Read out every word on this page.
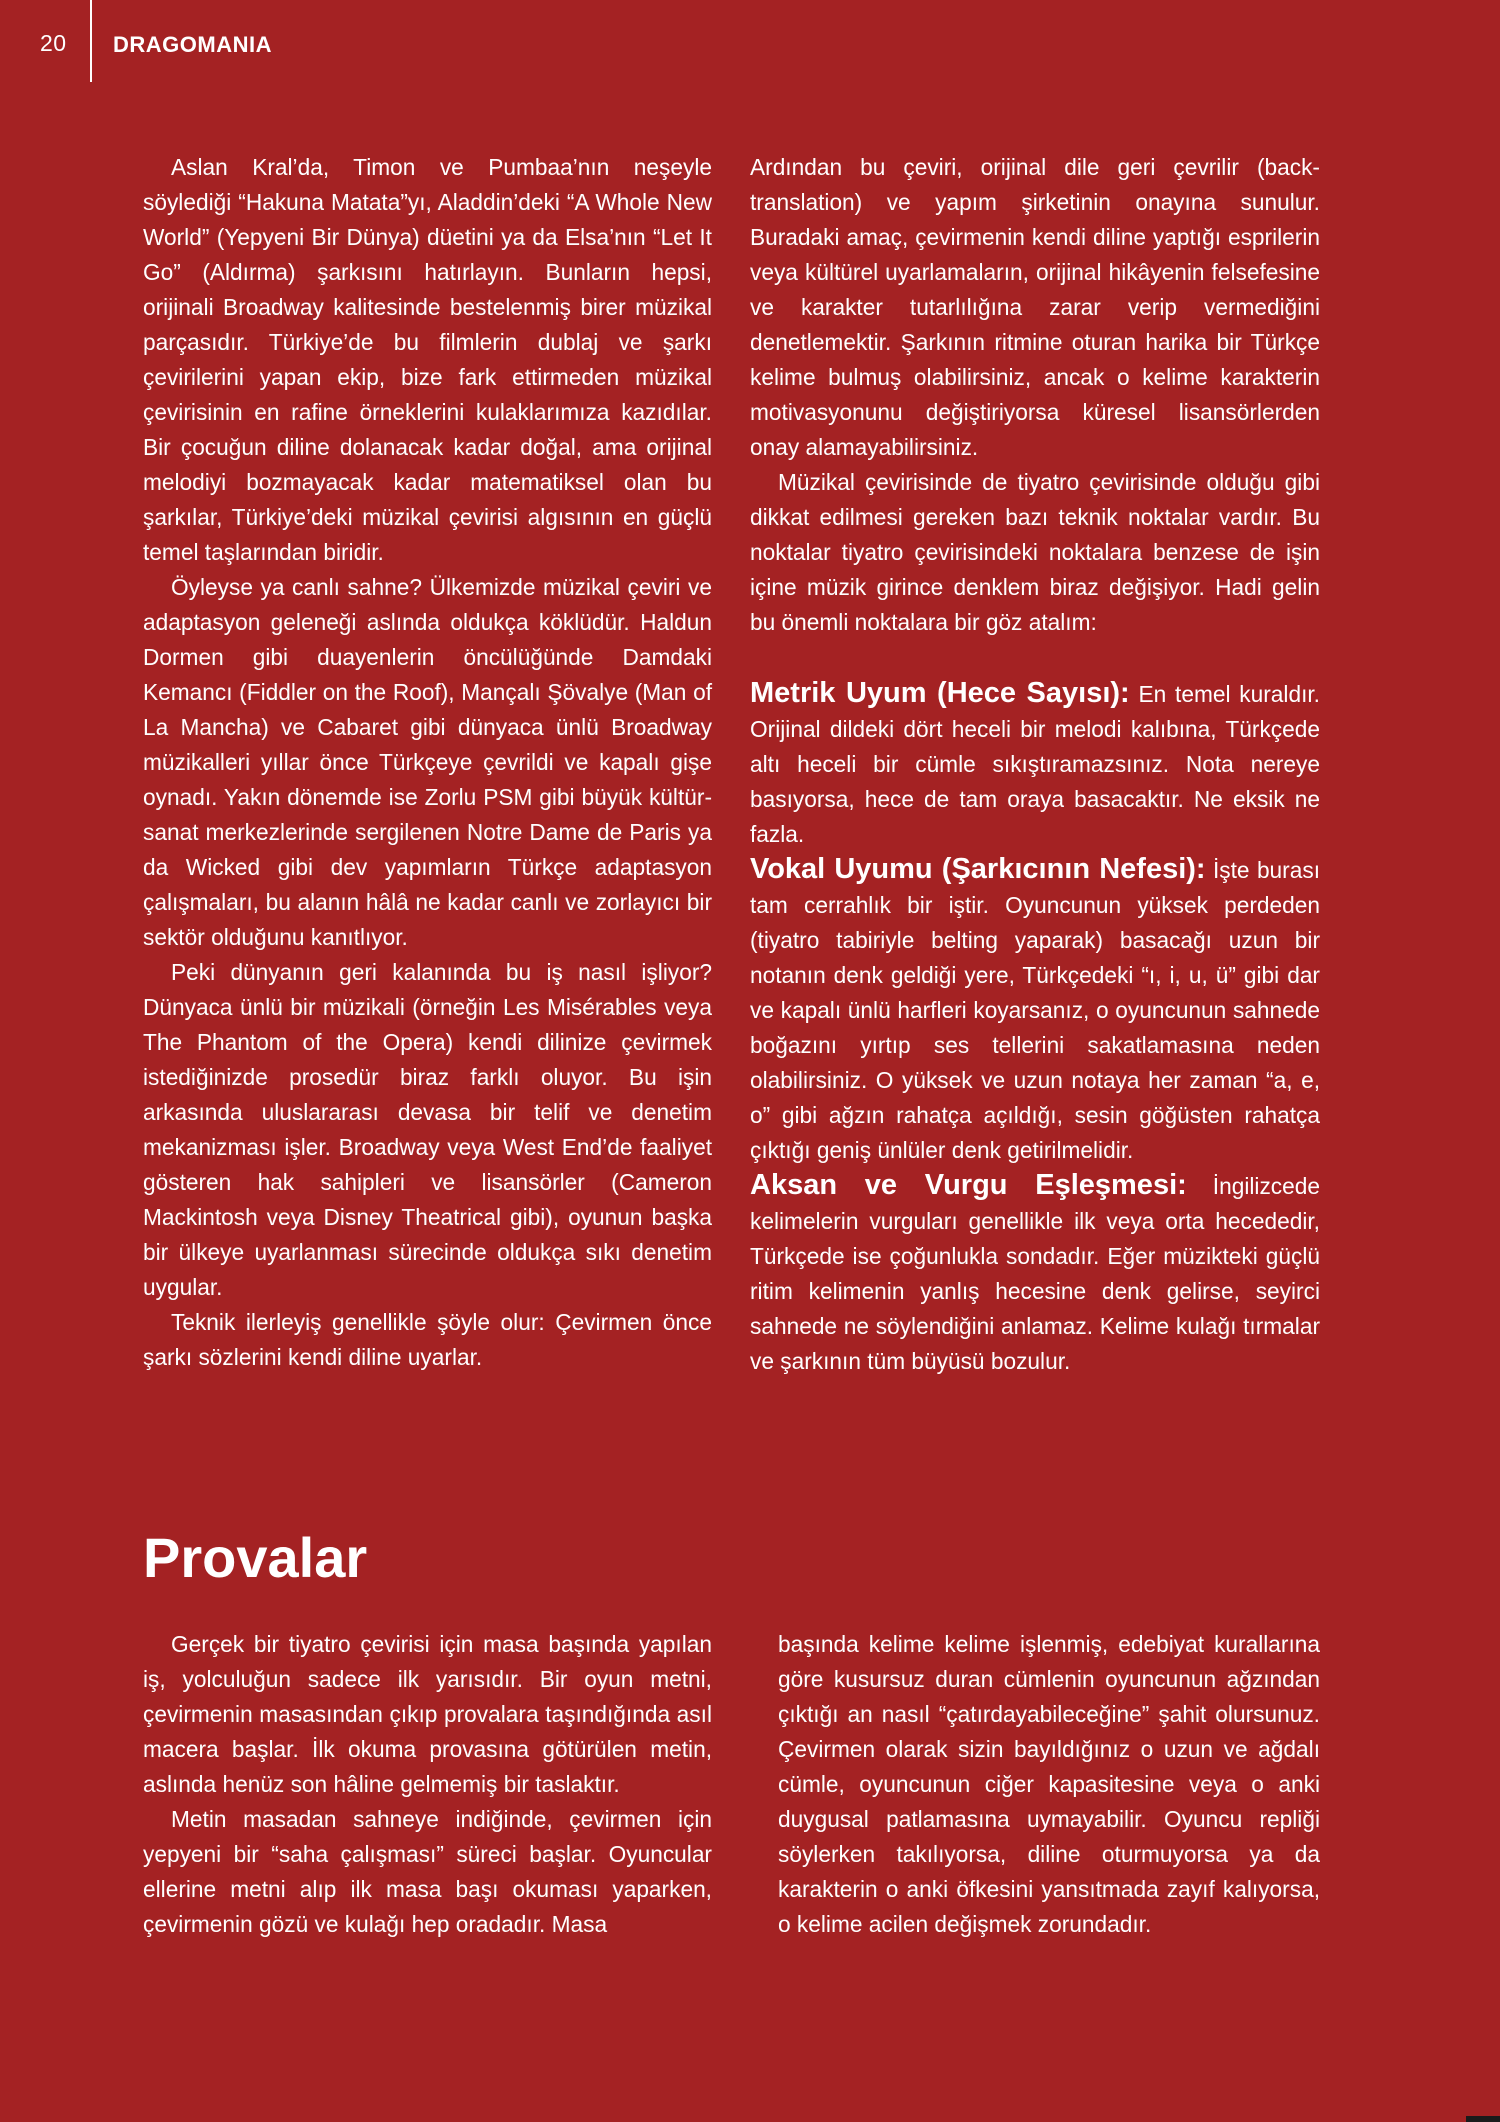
20 DRAGOMANIA

Aslan Kral’da, Timon ve Pumbaa’nın neşeyle söylediği “Hakuna Matata”yı, Aladdin’deki “A Whole New World” (Yepyeni Bir Dünya) düetini ya da Elsa’nın “Let It Go” (Aldırma) şarkısını hatırlayın. Bunların hepsi, orijinali Broadway kalitesinde bestelenmiş birer müzikal parçasıdır. Türkiye’de bu filmlerin dublaj ve şarkı çevirilerini yapan ekip, bize fark ettirmeden müzikal çevirisinin en rafine örneklerini kulaklarımıza kazıdılar. Bir çocuğun diline dolanacak kadar doğal, ama orijinal melodiyi bozmayacak kadar matematiksel olan bu şarkılar, Türkiye’deki müzikal çevirisi algısının en güçlü temel taşlarından biridir.

Öyleyse ya canlı sahne? Ülkemizde müzikal çeviri ve adaptasyon geleneği aslında oldukça köklüdür. Haldun Dormen gibi duayenlerin öncülüğünde Damdaki Kemancı (Fiddler on the Roof), Mançalı Şövalye (Man of La Mancha) ve Cabaret gibi dünyaca ünlü Broadway müzikalleri yıllar önce Türkçeye çevrildi ve kapalı gişe oynadı. Yakın dönemde ise Zorlu PSM gibi büyük kültür-sanat merkezlerinde sergilenen Notre Dame de Paris ya da Wicked gibi dev yapımların Türkçe adaptasyon çalışmaları, bu alanın hâlâ ne kadar canlı ve zorlayıcı bir sektör olduğunu kanıtlıyor.

Peki dünyanın geri kalanında bu iş nasıl işliyor? Dünyaca ünlü bir müzikali (örneğin Les Misérables veya The Phantom of the Opera) kendi dilinize çevirmek istediğinizde prosedür biraz farklı oluyor. Bu işin arkasında uluslararası devasa bir telif ve denetim mekanizması işler. Broadway veya West End’de faaliyet gösteren hak sahipleri ve lisansörler (Cameron Mackintosh veya Disney Theatrical gibi), oyunun başka bir ülkeye uyarlanması sürecinde oldukça sıkı denetim uygular.

Teknik ilerleyiş genellikle şöyle olur: Çevirmen önce şarkı sözlerini kendi diline uyarlar.

Ardından bu çeviri, orijinal dile geri çevrilir (back-translation) ve yapım şirketinin onayına sunulur. Buradaki amaç, çevirmenin kendi diline yaptığı esprilerin veya kültürel uyarlamaların, orijinal hikâyenin felsefesine ve karakter tutarlılığına zarar verip vermediğini denetlemektir. Şarkının ritmine oturan harika bir Türkçe kelime bulmuş olabilirsiniz, ancak o kelime karakterin motivasyonunu değiştiriyorsa küresel lisansörlerden onay alamayabilirsiniz.

Müzikal çevirisinde de tiyatro çevirisinde olduğu gibi dikkat edilmesi gereken bazı teknik noktalar vardır. Bu noktalar tiyatro çevirisindeki noktalara benzese de işin içine müzik girince denklem biraz değişiyor. Hadi gelin bu önemli noktalara bir göz atalım:

Metrik Uyum (Hece Sayısı): En temel kuraldır. Orijinal dildeki dört heceli bir melodi kalıbına, Türkçede altı heceli bir cümle sıkıştıramazsınız. Nota nereye basıyorsa, hece de tam oraya basacaktır. Ne eksik ne fazla.

Vokal Uyumu (Şarkıcının Nefesi): İşte burası tam cerrahlık bir iştir. Oyuncunun yüksek perdeden (tiyatro tabiriyle belting yaparak) basacağı uzun bir notanın denk geldiği yere, Türkçedeki “ı, i, u, ü” gibi dar ve kapalı ünlü harfleri koyarsanız, o oyuncunun sahnede boğazını yırtıp ses tellerini sakatlamasına neden olabilirsiniz. O yüksek ve uzun notaya her zaman “a, e, o” gibi ağzın rahatça açıldığı, sesin göğüsten rahatça çıktığı geniş ünlüler denk getirilmelidir.

Aksan ve Vurgu Eşleşmesi: İngilizcede kelimelerin vurguları genellikle ilk veya orta hecededir, Türkçede ise çoğunlukla sondadır. Eğer müzikteki güçlü ritim kelimenin yanlış hecesine denk gelirse, seyirci sahnede ne söylendiğini anlamaz. Kelime kulağı tırmalar ve şarkının tüm büyüsü bozulur.

Provalar

Gerçek bir tiyatro çevirisi için masa başında yapılan iş, yolculuğun sadece ilk yarısıdır. Bir oyun metni, çevirmenin masasından çıkıp provalara taşındığında asıl macera başlar. İlk okuma provasına götürülen metin, aslında henüz son hâline gelmemiş bir taslaktır.

Metin masadan sahneye indiğinde, çevirmen için yepyeni bir “saha çalışması” süreci başlar. Oyuncular ellerine metni alıp ilk masa başı okuması yaparken, çevirmenin gözü ve kulağı hep oradadır. Masa

başında kelime kelime işlenmiş, edebiyat kurallarına göre kusursuz duran cümlenin oyuncunun ağzından çıktığı an nasıl “çatırdayabileceğine” şahit olursunuz. Çevirmen olarak sizin bayıldığınız o uzun ve ağdalı cümle, oyuncunun ciğer kapasitesine veya o anki duygusal patlamasına uymayabilir. Oyuncu repliği söylerken takılıyorsa, diline oturmuyorsa ya da karakterin o anki öfkesini yansıtmada zayıf kalıyorsa, o kelime acilen değişmek zorundadır.
